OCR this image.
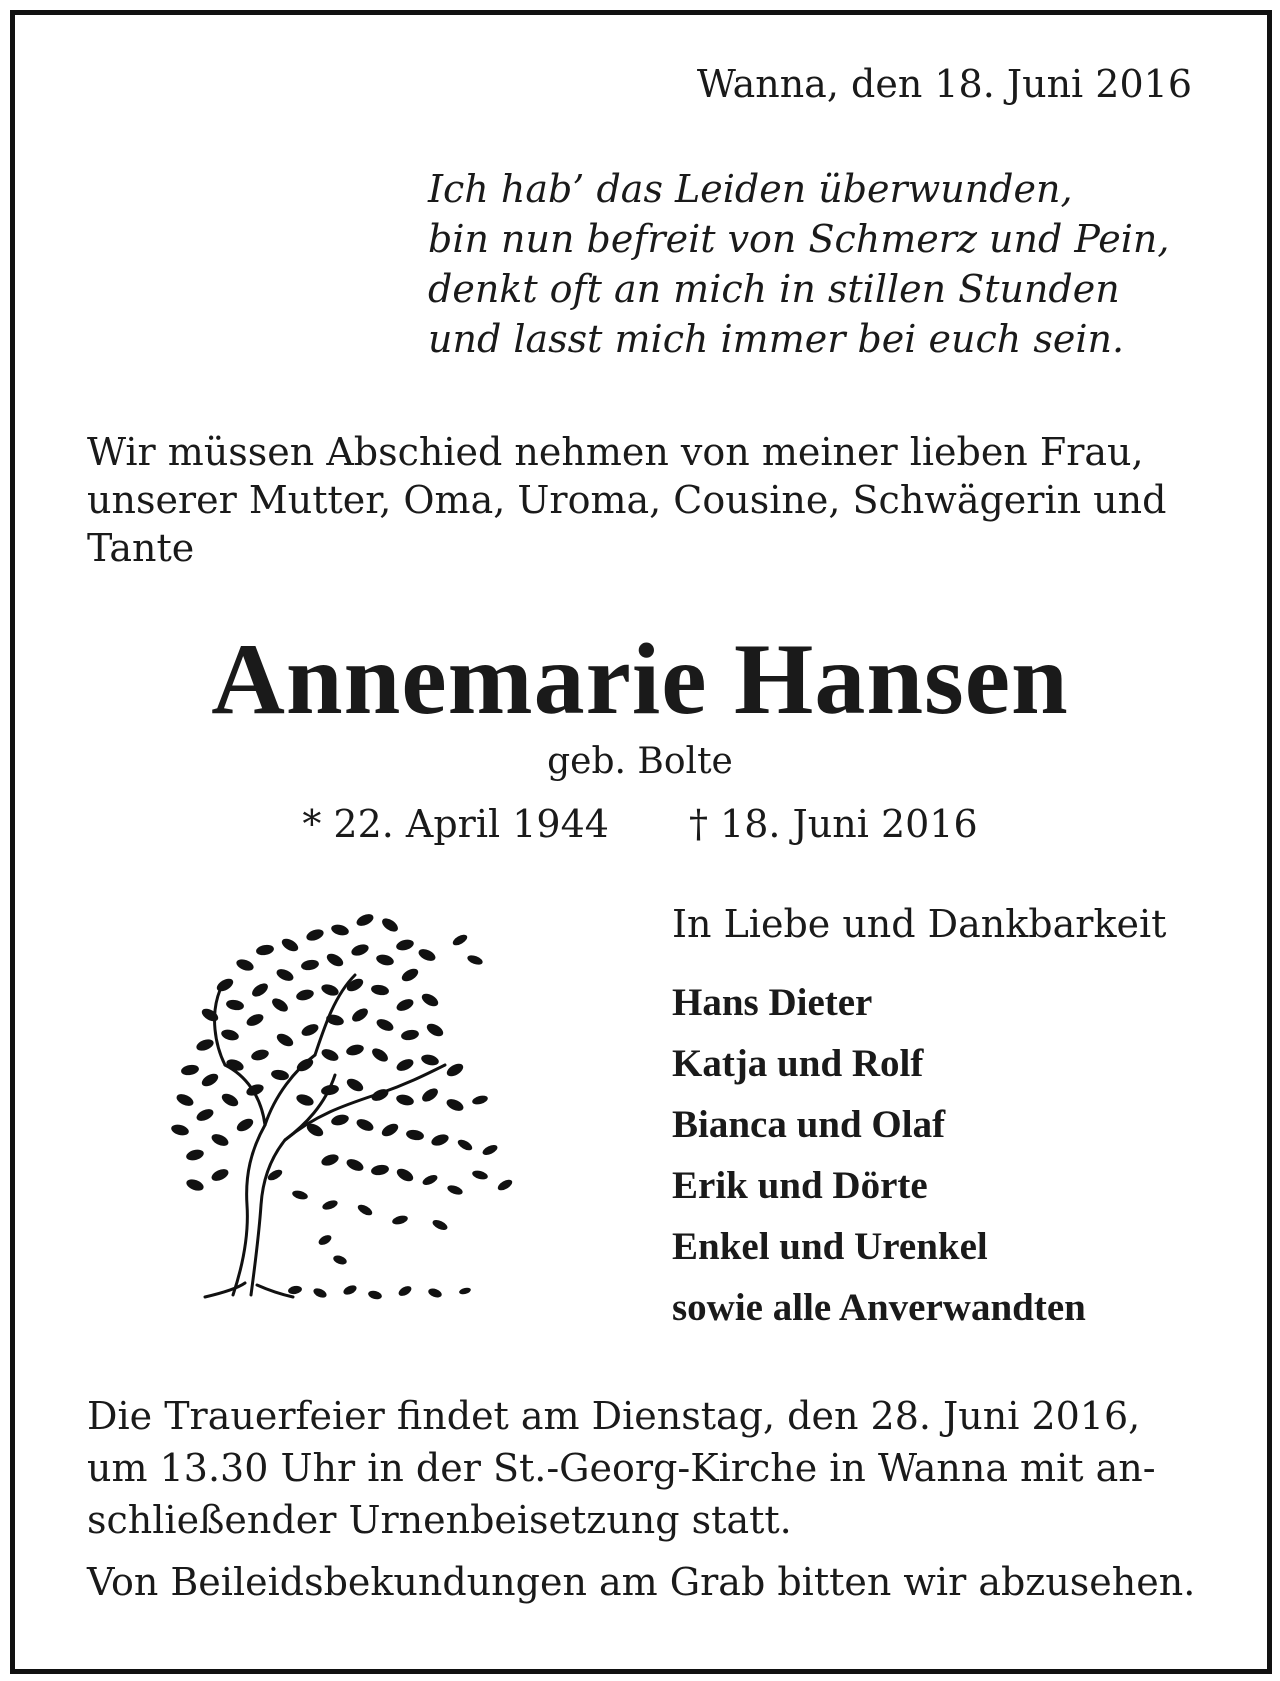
Wanna, den 18. Juni 2016
Ich hab’ das Leiden überwunden,
bin nun befreit von Schmerz und Pein,
denkt oft an mich in stillen Stunden
und lasst mich immer bei euch sein.
Wir müssen Abschied nehmen von meiner lieben Frau,
unserer Mutter, Oma, Uroma, Cousine, Schwägerin und
Tante
Annemarie Hansen
geb. Bolte
* 22. April 1944 † 18. Juni 2016
In Liebe und Dankbarkeit
Hans Dieter
Katja und Rolf
Bianca und Olaf
Erik und Dörte
Enkel und Urenkel
sowie alle Anverwandten
Die Trauerfeier findet am Dienstag, den 28. Juni 2016,
um 13.30 Uhr in der St.-Georg-Kirche in Wanna mit an-
schließender Urnenbeisetzung statt.
Von Beileidsbekundungen am Grab bitten wir abzusehen.
